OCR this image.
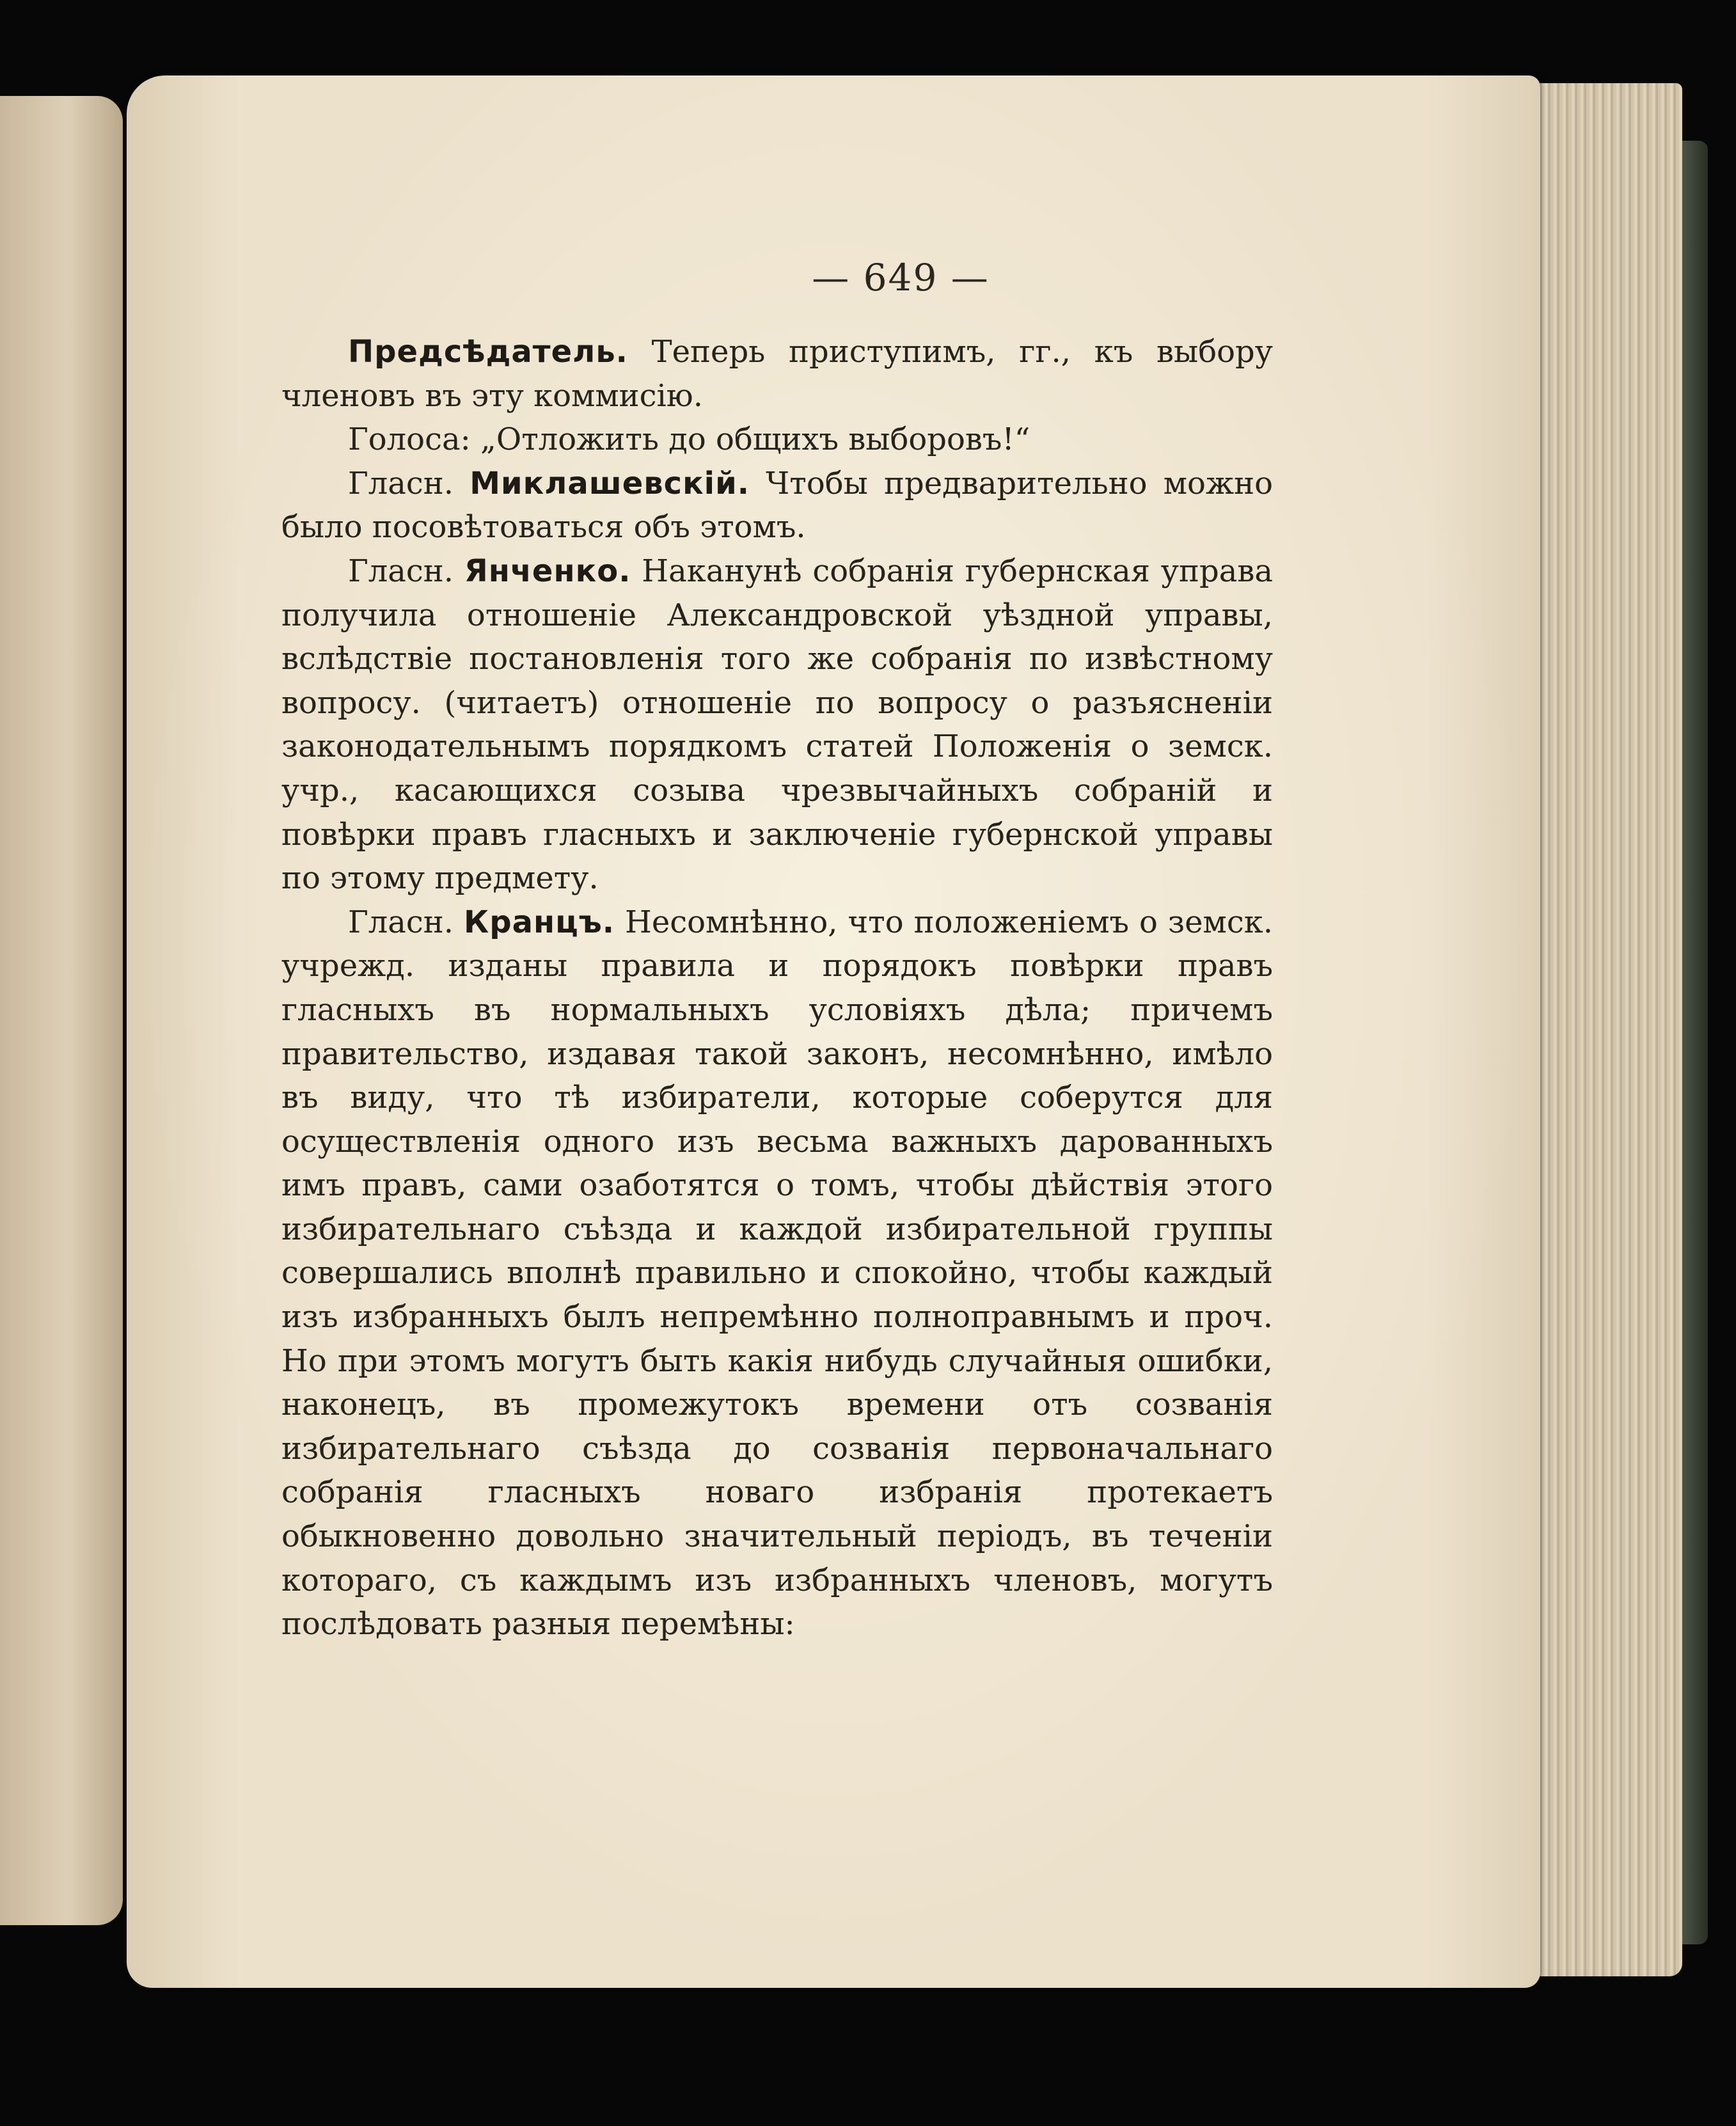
— 649 —

Предсѣдатель. Теперь приступимъ, гг., къ выбору членовъ въ эту коммисію.

Голоса: „Отложить до общихъ выборовъ!“

Гласн. Миклашевскій. Чтобы предварительно можно было посовѣтоваться объ этомъ.

Гласн. Янченко. Наканунѣ собранія губернская управа получила отношеніе Александровской уѣздной управы, вслѣдствіе постановленія того же собранія по извѣстному вопросу. (читаетъ) отношеніе по вопросу о разъясненіи законодательнымъ порядкомъ статей Положенія о земск. учр., касающихся созыва чрезвычайныхъ собраній и повѣрки правъ гласныхъ и заключеніе губернской управы по этому предмету.

Гласн. Кранцъ. Несомнѣнно, что положеніемъ о земск. учрежд. изданы правила и порядокъ повѣрки правъ гласныхъ въ нормальныхъ условіяхъ дѣла; причемъ правительство, издавая такой законъ, несомнѣнно, имѣло въ виду, что тѣ избиратели, которые соберутся для осуществленія одного изъ весьма важныхъ дарованныхъ имъ правъ, сами озаботятся о томъ, чтобы дѣйствія этого избирательнаго съѣзда и каждой избирательной группы совершались вполнѣ правильно и спокойно, чтобы каждый изъ избранныхъ былъ непремѣнно полноправнымъ и проч. Но при этомъ могутъ быть какія нибудь случайныя ошибки, наконецъ, въ промежутокъ времени отъ созванія избирательнаго съѣзда до созванія первоначальнаго собранія гласныхъ новаго избранія протекаетъ обыкновенно довольно значительный періодъ, въ теченіи котораго, съ каждымъ изъ избранныхъ членовъ, могутъ послѣдовать разныя перемѣны:
